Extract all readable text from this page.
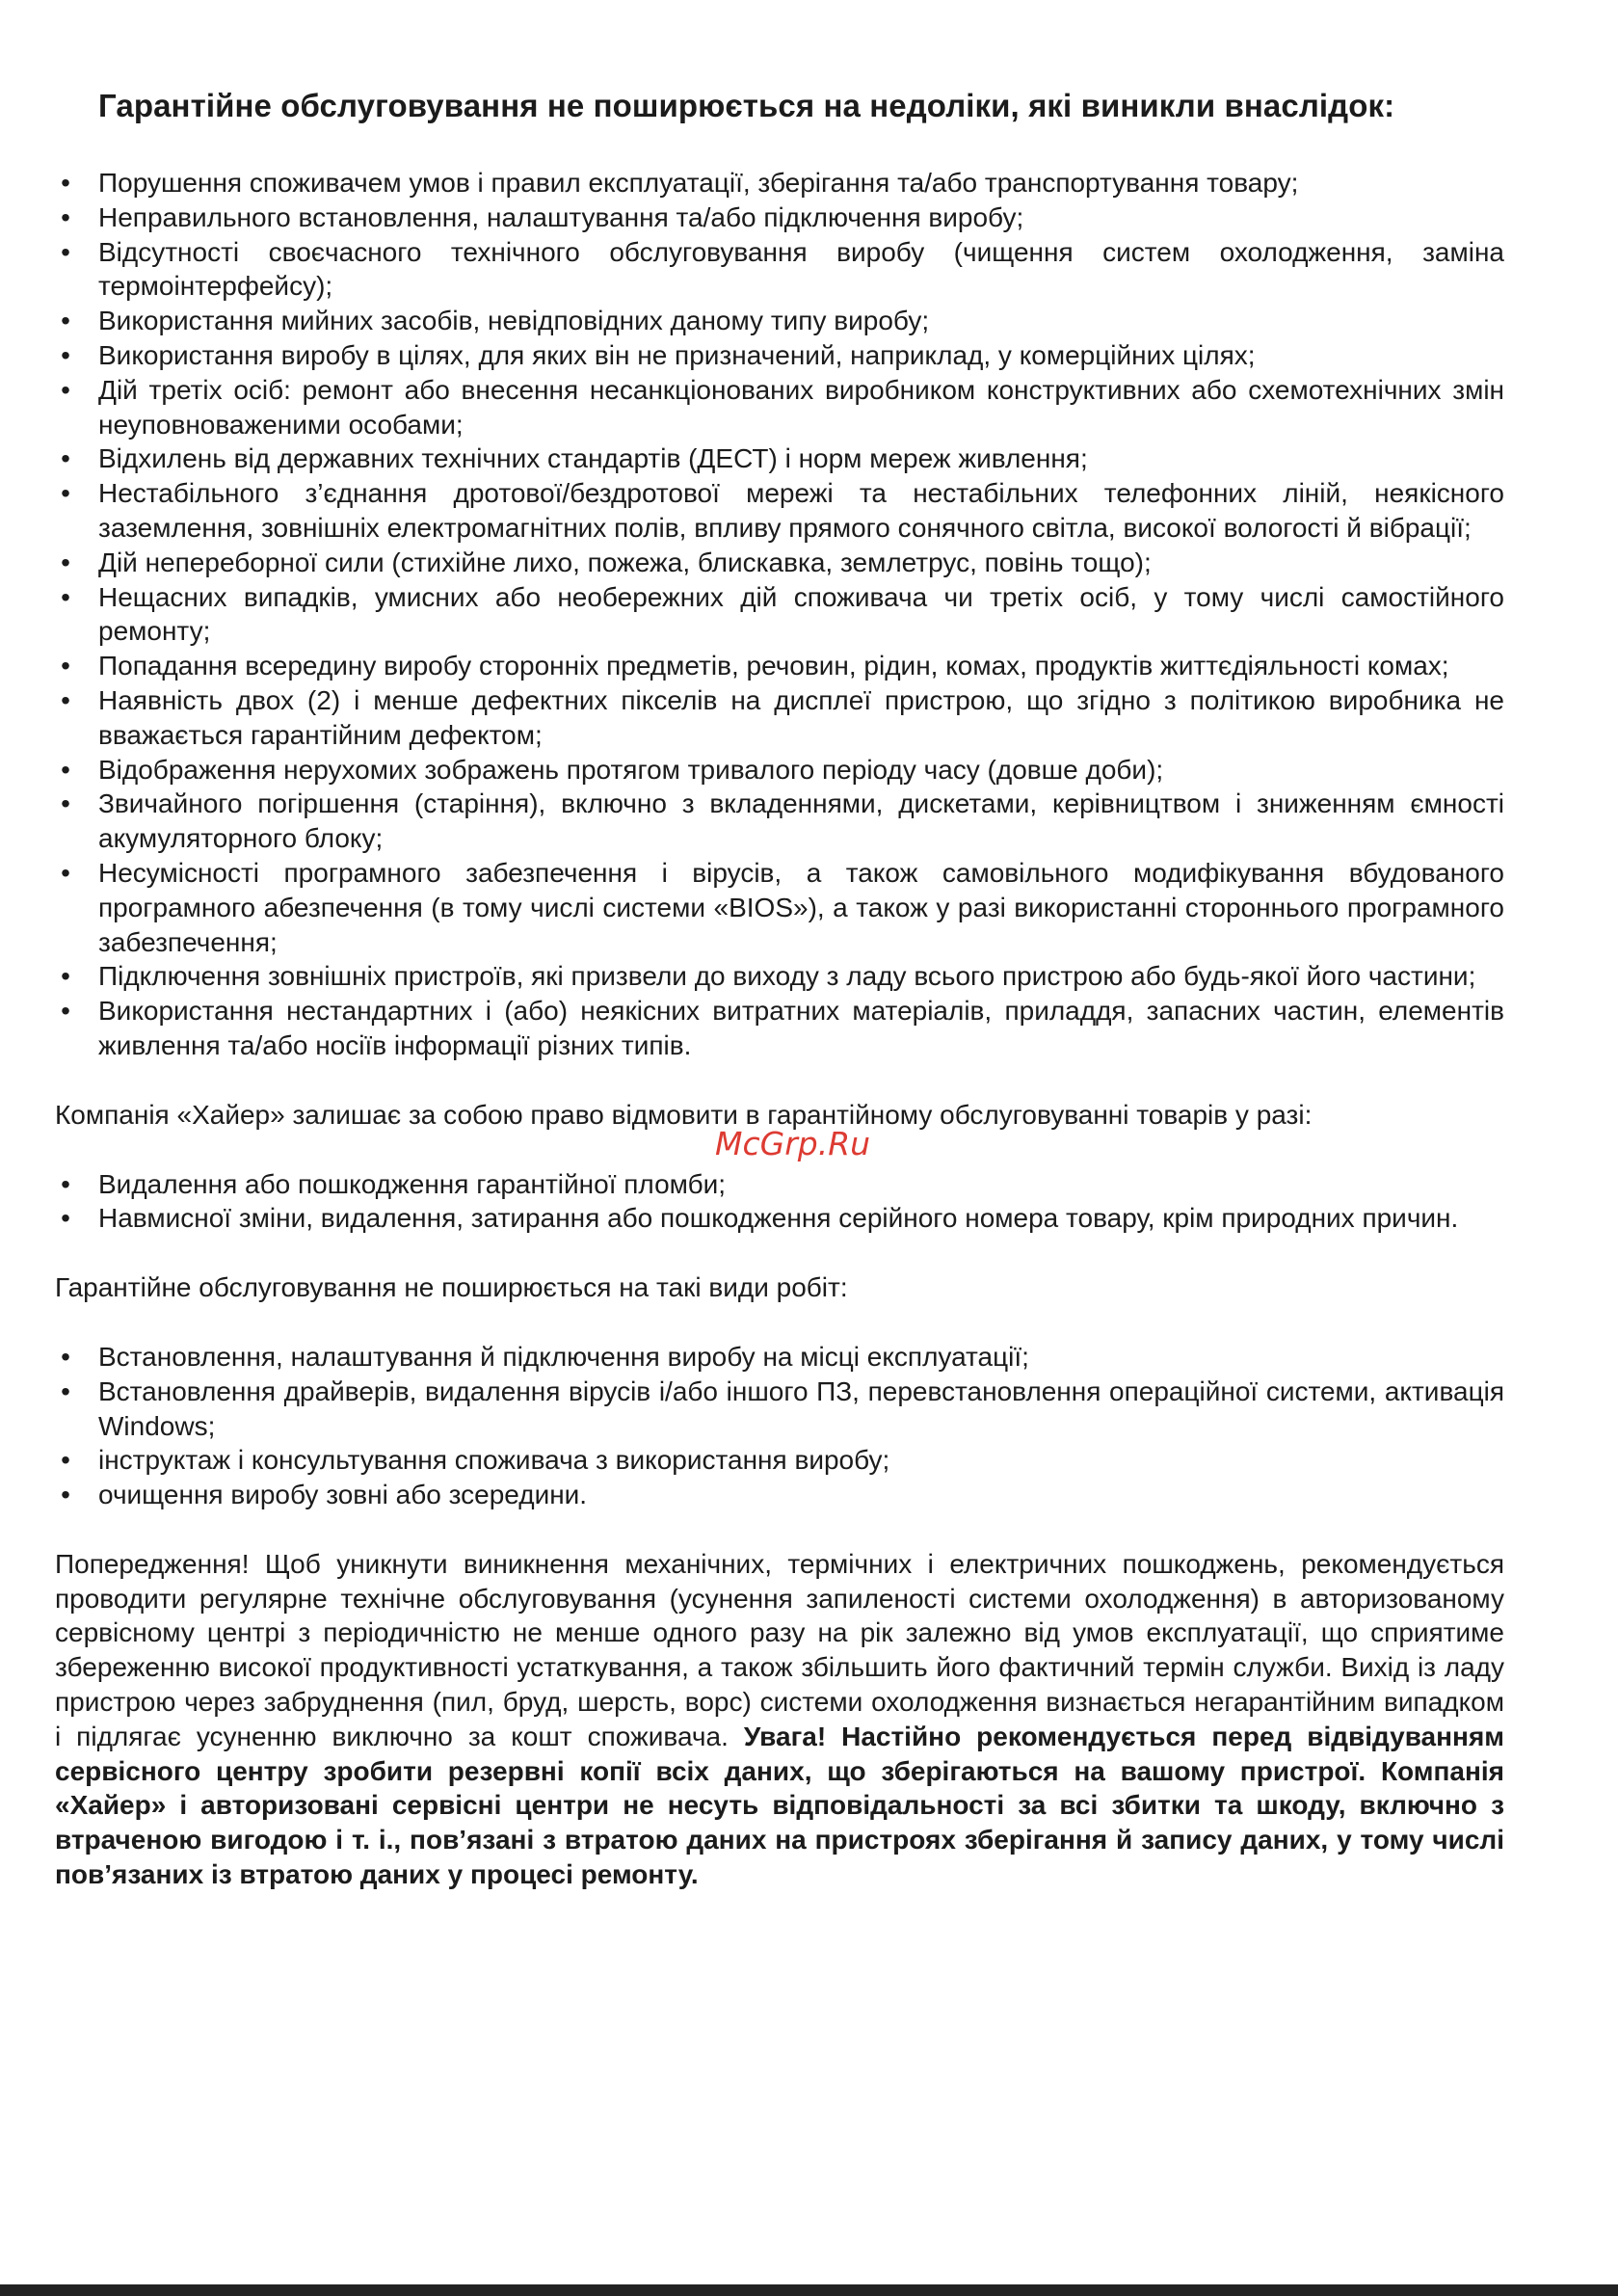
Гарантійне обслуговування не поширюється на недоліки, які виникли внаслідок:
• Порушення споживачем умов і правил експлуатації, зберігання та/або транспортування товару;
• Неправильного встановлення, налаштування та/або підключення виробу;
• Відсутності своєчасного технічного обслуговування виробу (чищення систем охолодження, заміна термоінтерфейсу);
• Використання мийних засобів, невідповідних даному типу виробу;
• Використання виробу в цілях, для яких він не призначений, наприклад, у комерційних цілях;
• Дій третіх осіб: ремонт або внесення несанкціонованих виробником конструктивних або схемотехнічних змін неуповноваженими особами;
• Відхилень від державних технічних стандартів (ДЕСТ) і норм мереж живлення;
• Нестабільного з’єднання дротової/бездротової мережі та нестабільних телефонних ліній, неякісного заземлення, зовнішніх електромагнітних полів, впливу прямого сонячного світла, високої вологості й вібрації;
• Дій непереборної сили (стихійне лихо, пожежа, блискавка, землетрус, повінь тощо);
• Нещасних випадків, умисних або необережних дій споживача чи третіх осіб, у тому числі самостійного ремонту;
• Попадання всередину виробу сторонніх предметів, речовин, рідин, комах, продуктів життєдіяльності комах;
• Наявність двох (2) і менше дефектних пікселів на дисплеї пристрою, що згідно з політикою виробника не вважається гарантійним дефектом;
• Відображення нерухомих зображень протягом тривалого періоду часу (довше доби);
• Звичайного погіршення (старіння), включно з вкладеннями, дискетами, керівництвом і зниженням ємності акумуляторного блоку;
• Несумісності програмного забезпечення і вірусів, а також самовільного модифікування вбудованого програмного абезпечення (в тому числі системи «BIOS»), а також у разі використанні стороннього програмного забезпечення;
• Підключення зовнішніх пристроїв, які призвели до виходу з ладу всього пристрою або будь-якої його частини;
• Використання нестандартних і (або) неякісних витратних матеріалів, приладдя, запасних частин, елементів живлення та/або носіїв інформації різних типів.

Компанія «Хайер» залишає за собою право відмовити в гарантійному обслуговуванні товарів у разі:

• Видалення або пошкодження гарантійної пломби;
• Навмисної зміни, видалення, затирання або пошкодження серійного номера товару, крім природних причин.

Гарантійне обслуговування не поширюється на такі види робіт:

• Встановлення, налаштування й підключення виробу на місці експлуатації;
• Встановлення драйверів, видалення вірусів і/або іншого ПЗ, перевстановлення операційної системи, активація Windows;
• інструктаж і консультування споживача з використання виробу;
• очищення виробу зовні або зсередини.

Попередження! Щоб уникнути виникнення механічних, термічних і електричних пошкоджень, рекомендується проводити регулярне технічне обслуговування (усунення запиленості системи охолодження) в авторизованому сервісному центрі з періодичністю не менше одного разу на рік залежно від умов експлуатації, що сприятиме збереженню високої продуктивності устаткування, а також збільшить його фактичний термін служби. Вихід із ладу пристрою через забруднення (пил, бруд, шерсть, ворс) системи охолодження визнається негарантійним випадком і підлягає усуненню виключно за кошт споживача. Увага! Настійно рекомендується перед відвідуванням сервісного центру зробити резервні копії всіх даних, що зберігаються на вашому пристрої. Компанія «Хайер» і авторизовані сервісні центри не несуть відповідальності за всі збитки та шкоду, включно з втраченою вигодою і т. і., пов’язані з втратою даних на пристроях зберігання й запису даних, у тому числі пов’язаних із втратою даних у процесі ремонту.

McGrp.Ru
